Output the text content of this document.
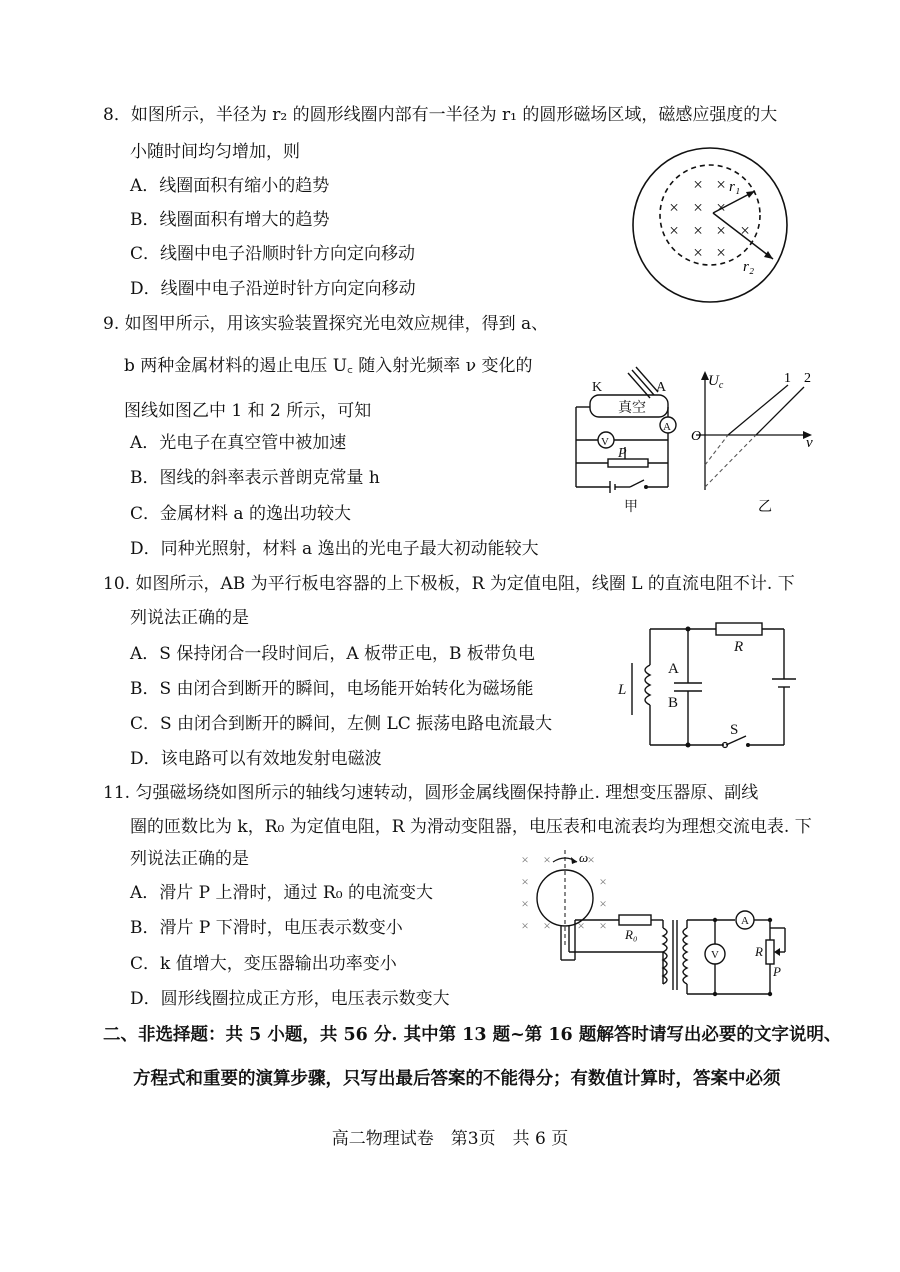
8．如图所示，半径为 r₂ 的圆形线圈内部有一半径为 r₁ 的圆形磁场区域，磁感应强度的大
小随时间均匀增加，则
A．线圈面积有缩小的趋势
B．线圈面积有增大的趋势
C．线圈中电子沿顺时针方向定向移动
D．线圈中电子沿逆时针方向定向移动
× ×
× × ×
× × × ×
× ×
r₁
r₂
9. 如图甲所示，用该实验装置探究光电效应规律，得到 a、
b 两种金属材料的遏止电压 U꜀ 随入射光频率 ν 变化的
图线如图乙中 1 和 2 所示，可知
A．光电子在真空管中被加速
B．图线的斜率表示普朗克常量 h
C．金属材料 a 的逸出功较大
D．同种光照射，材料 a 逸出的光电子最大初动能较大
K	A
真空
A
V
P
甲
$U_c$
O	v
1 2
乙
10. 如图所示，AB 为平行板电容器的上下极板，R 为定值电阻，线圈 L 的直流电阻不计. 下
列说法正确的是
A．S 保持闭合一段时间后，A 板带正电，B 板带负电
B．S 由闭合到断开的瞬间，电场能开始转化为磁场能
C．S 由闭合到断开的瞬间，左侧 LC 振荡电路电流最大
D．该电路可以有效地发射电磁波
R
A
B
L
S
11. 匀强磁场绕如图所示的轴线匀速转动，圆形金属线圈保持静止. 理想变压器原、副线
圈的匝数比为 k，R₀ 为定值电阻，R 为滑动变阻器，电压表和电流表均为理想交流电表. 下
列说法正确的是
A．滑片 P 上滑时，通过 R₀ 的电流变大
B．滑片 P 下滑时，电压表示数变小
C．k 值增大，变压器输出功率变小
D．圆形线圈拉成正方形，电压表示数变大
× ×	×
×	×
×	×
×	×
× ×
ω
R₀
A
V	R
P
二、非选择题：共 5 小题，共 56 分. 其中第 13 题~第 16 题解答时请写出必要的文字说明、
方程式和重要的演算步骤，只写出最后答案的不能得分；有数值计算时，答案中必须
高二物理试卷　第3页　共 6 页
